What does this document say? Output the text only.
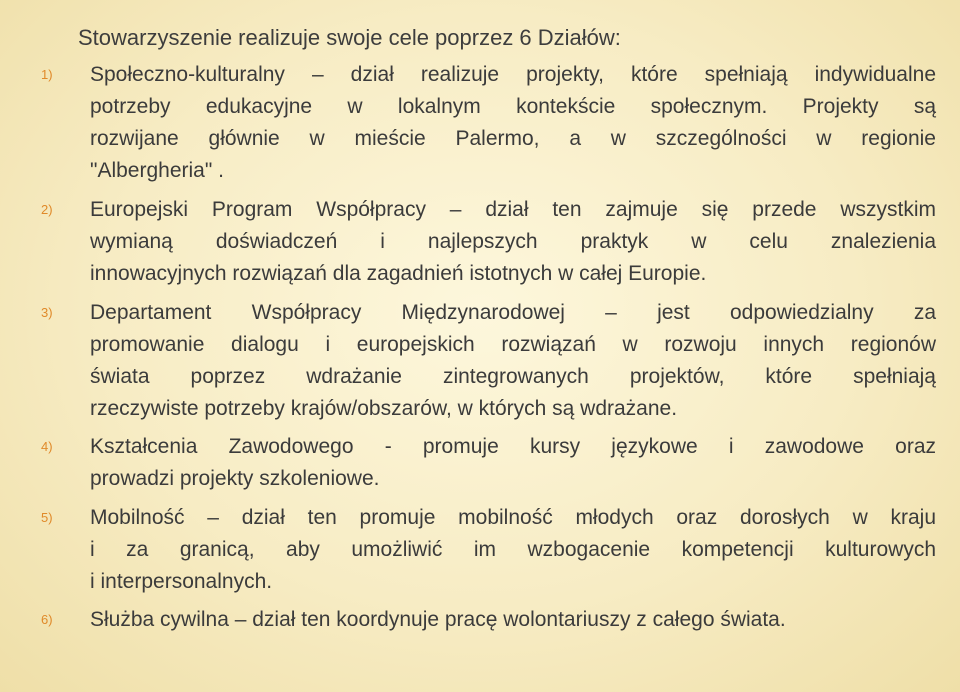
Stowarzyszenie realizuje swoje cele poprzez 6 Działów:
1)	Społeczno-kulturalny – dział realizuje projekty, które spełniają indywidualne
potrzeby edukacyjne w lokalnym kontekście społecznym. Projekty są
rozwijane głównie w mieście Palermo, a w szczególności w regionie
"Albergheria" .
2)	Europejski Program Współpracy – dział ten zajmuje się przede wszystkim
wymianą doświadczeń i najlepszych praktyk w celu znalezienia
innowacyjnych rozwiązań dla zagadnień istotnych w całej Europie.
3)	Departament Współpracy Międzynarodowej – jest odpowiedzialny za
promowanie dialogu i europejskich rozwiązań w rozwoju innych regionów
świata poprzez wdrażanie zintegrowanych projektów, które spełniają
rzeczywiste potrzeby krajów/obszarów, w których są wdrażane.
4)	Kształcenia Zawodowego - promuje kursy językowe i zawodowe oraz
prowadzi projekty szkoleniowe.
5)	Mobilność – dział ten promuje mobilność młodych oraz dorosłych w kraju
i za granicą, aby umożliwić im wzbogacenie kompetencji kulturowych
i interpersonalnych.
6)	Służba cywilna – dział ten koordynuje pracę wolontariuszy z całego świata.
